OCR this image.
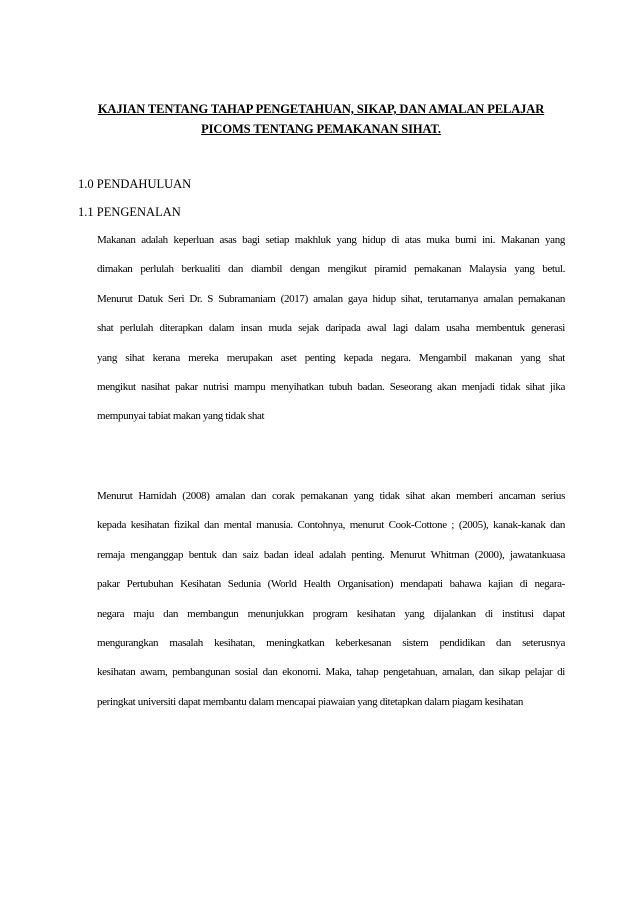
KAJIAN TENTANG TAHAP PENGETAHUAN, SIKAP, DAN AMALAN PELAJAR
PICOMS TENTANG PEMAKANAN SIHAT.
1.0 PENDAHULUAN
1.1 PENGENALAN
Makanan adalah keperluan asas bagi setiap makhluk yang hidup di atas muka bumi ini. Makanan yang
dimakan perlulah berkualiti dan diambil dengan mengikut piramid pemakanan Malaysia yang betul.
Menurut Datuk Seri Dr. S Subramaniam (2017) amalan gaya hidup sihat, terutamanya amalan pemakanan
shat perlulah diterapkan dalam insan muda sejak daripada awal lagi dalam usaha membentuk generasi
yang sihat kerana mereka merupakan aset penting kepada negara. Mengambil makanan yang shat
mengikut nasihat pakar nutrisi mampu menyihatkan tubuh badan. Seseorang akan menjadi tidak sihat jika
mempunyai tabiat makan yang tidak shat
Menurut Hamidah (2008) amalan dan corak pemakanan yang tidak sihat akan memberi ancaman serius
kepada kesihatan fizikal dan mental manusia. Contohnya, menurut Cook-Cottone ; (2005), kanak-kanak dan
remaja menganggap bentuk dan saiz badan ideal adalah penting. Menurut Whitman (2000), jawatankuasa
pakar Pertubuhan Kesihatan Sedunia (World Health Organisation) mendapati bahawa kajian di negara-
negara maju dan membangun menunjukkan program kesihatan yang dijalankan di institusi dapat
mengurangkan masalah kesihatan, meningkatkan keberkesanan sistem pendidikan dan seterusnya
kesihatan awam, pembangunan sosial dan ekonomi. Maka, tahap pengetahuan, amalan, dan sikap pelajar di
peringkat universiti dapat membantu dalam mencapai piawaian yang ditetapkan dalam piagam kesihatan
